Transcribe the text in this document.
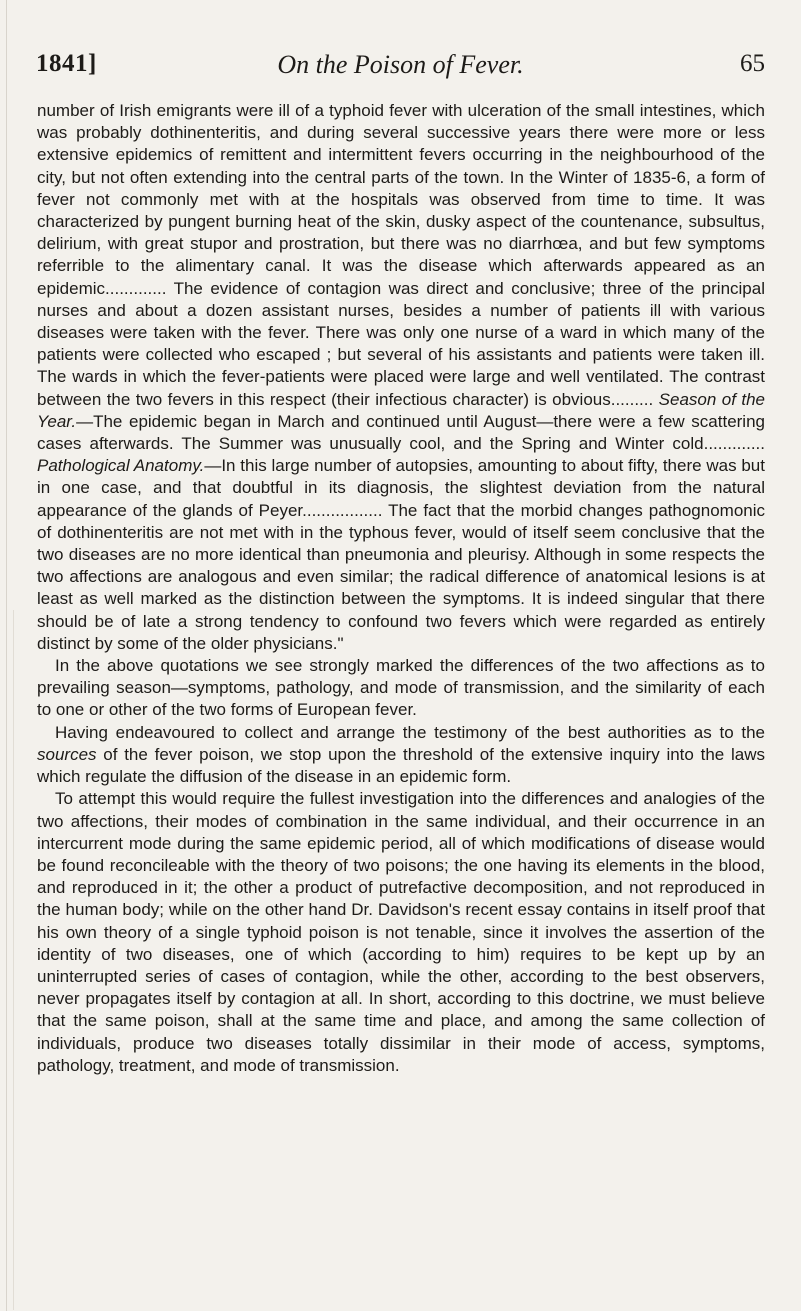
1841]	On the Poison of Fever.	65

number of Irish emigrants were ill of a typhoid fever with ulceration of the small intestines, which was probably dothinenteritis, and during several successive years there were more or less extensive epidemics of remittent and intermittent fevers occurring in the neighbourhood of the city, but not often extending into the central parts of the town. In the Winter of 1835-6, a form of fever not commonly met with at the hospitals was observed from time to time. It was characterized by pungent burning heat of the skin, dusky aspect of the countenance, subsultus, delirium, with great stupor and prostration, but there was no diarrhœa, and but few symptoms referrible to the alimentary canal. It was the disease which afterwards appeared as an epidemic............. The evidence of contagion was direct and conclusive; three of the principal nurses and about a dozen assistant nurses, besides a number of patients ill with various diseases were taken with the fever. There was only one nurse of a ward in which many of the patients were collected who escaped ; but several of his assistants and patients were taken ill. The wards in which the fever-patients were placed were large and well ventilated. The contrast between the two fevers in this respect (their infectious character) is obvious......... Season of the Year.—The epidemic began in March and continued until August—there were a few scattering cases afterwards. The Summer was unusually cool, and the Spring and Winter cold............. Pathological Anatomy.—In this large number of autopsies, amounting to about fifty, there was but in one case, and that doubtful in its diagnosis, the slightest deviation from the natural appearance of the glands of Peyer................. The fact that the morbid changes pathognomonic of dothinenteritis are not met with in the typhous fever, would of itself seem conclusive that the two diseases are no more identical than pneumonia and pleurisy. Although in some respects the two affections are analogous and even similar; the radical difference of anatomical lesions is at least as well marked as the distinction between the symptoms. It is indeed singular that there should be of late a strong tendency to confound two fevers which were regarded as entirely distinct by some of the older physicians."

In the above quotations we see strongly marked the differences of the two affections as to prevailing season—symptoms, pathology, and mode of transmission, and the similarity of each to one or other of the two forms of European fever.

Having endeavoured to collect and arrange the testimony of the best authorities as to the sources of the fever poison, we stop upon the threshold of the extensive inquiry into the laws which regulate the diffusion of the disease in an epidemic form.

To attempt this would require the fullest investigation into the differences and analogies of the two affections, their modes of combination in the same individual, and their occurrence in an intercurrent mode during the same epidemic period, all of which modifications of disease would be found reconcileable with the theory of two poisons; the one having its elements in the blood, and reproduced in it; the other a product of putrefactive decomposition, and not reproduced in the human body; while on the other hand Dr. Davidson's recent essay contains in itself proof that his own theory of a single typhoid poison is not tenable, since it involves the assertion of the identity of two diseases, one of which (according to him) requires to be kept up by an uninterrupted series of cases of contagion, while the other, according to the best observers, never propagates itself by contagion at all. In short, according to this doctrine, we must believe that the same poison, shall at the same time and place, and among the same collection of individuals, produce two diseases totally dissimilar in their mode of access, symptoms, pathology, treatment, and mode of transmission.
